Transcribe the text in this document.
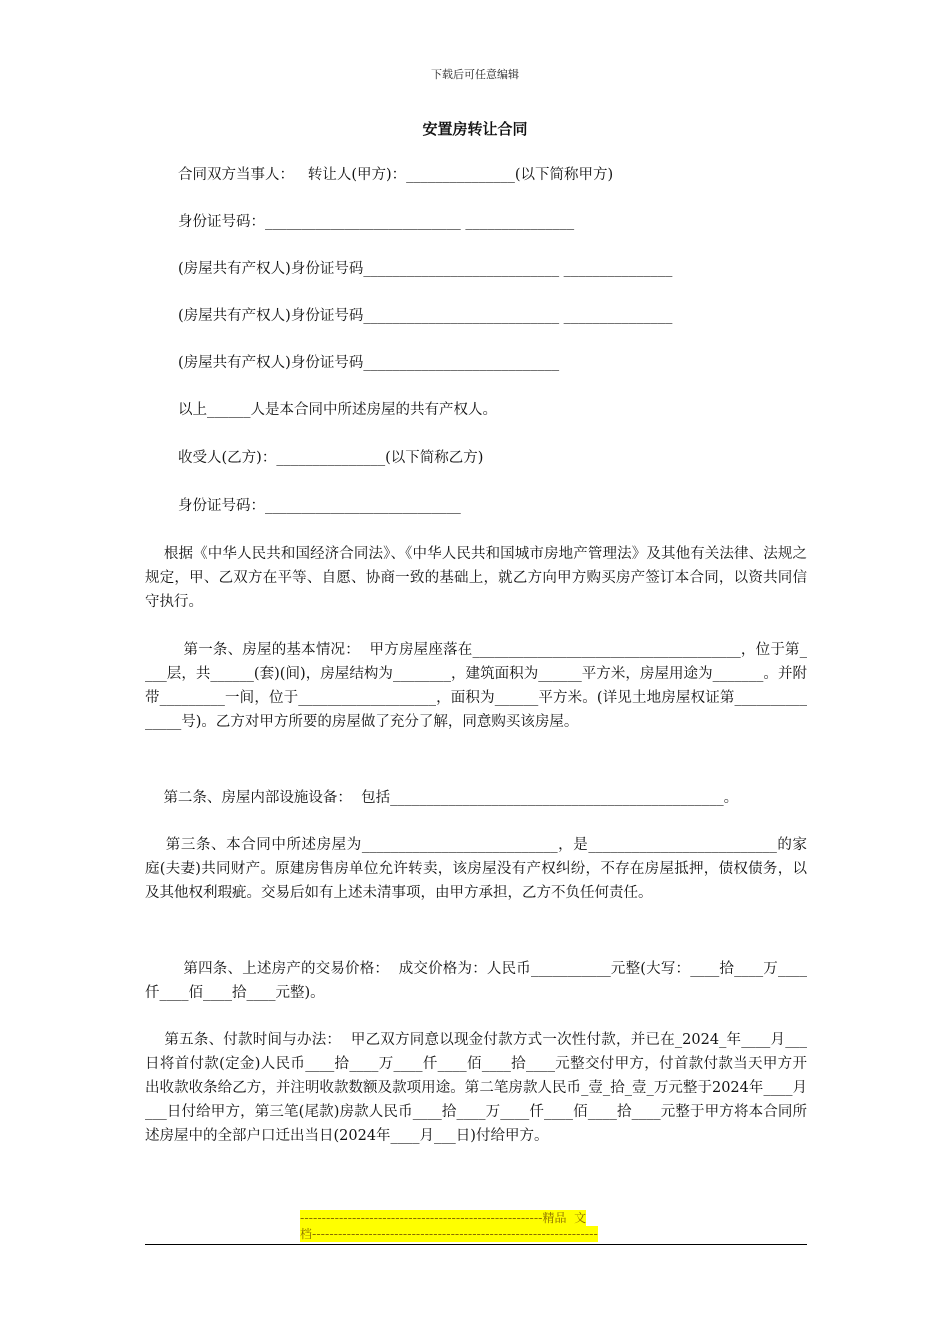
下载后可任意编辑
安置房转让合同
合同双方当事人：   转让人(甲方)：_______________(以下简称甲方)
身份证号码：___________________________ _______________
(房屋共有产权人)身份证号码___________________________ _______________
(房屋共有产权人)身份证号码___________________________ _______________
(房屋共有产权人)身份证号码___________________________
以上______人是本合同中所述房屋的共有产权人。
收受人(乙方)：_______________(以下简称乙方)
身份证号码：___________________________
根据《中华人民共和国经济合同法》、《中华人民共和国城市房地产管理法》及其他有关法律、法规之规定，甲、乙双方在平等、自愿、协商一致的基础上，就乙方向甲方购买房产签订本合同，以资共同信守执行。
第一条、房屋的基本情况：  甲方房屋座落在_____________________________________，位于第____层，共______(套)(间)，房屋结构为________，建筑面积为______平方米，房屋用途为_______。并附带_________一间，位于___________________，面积为______平方米。(详见土地房屋权证第_______________号)。乙方对甲方所要的房屋做了充分了解，同意购买该房屋。
第二条、房屋内部设施设备：  包括______________________________________________。
第三条、本合同中所述房屋为___________________________，是__________________________的家庭(夫妻)共同财产。原建房售房单位允许转卖，该房屋没有产权纠纷，不存在房屋抵押，债权债务，以及其他权利瑕疵。交易后如有上述未清事项，由甲方承担，乙方不负任何责任。
第四条、上述房产的交易价格：  成交价格为：人民币___________元整(大写：____拾____万____仟____佰____拾____元整)。
第五条、付款时间与办法：  甲乙双方同意以现金付款方式一次性付款，并已在_2024_年____月___日将首付款(定金)人民币____拾____万____仟____佰____拾____元整交付甲方，付首款付款当天甲方开出收款收条给乙方，并注明收款数额及款项用途。第二笔房款人民币_壹_拾_壹_万元整于2024年____月___日付给甲方，第三笔(尾款)房款人民币____拾____万____仟____佰____拾____元整于甲方将本合同所述房屋中的全部户口迁出当日(2024年____月___日)付给甲方。
--------------------------------------------------------精品  文
档------------------------------------------------------------------
